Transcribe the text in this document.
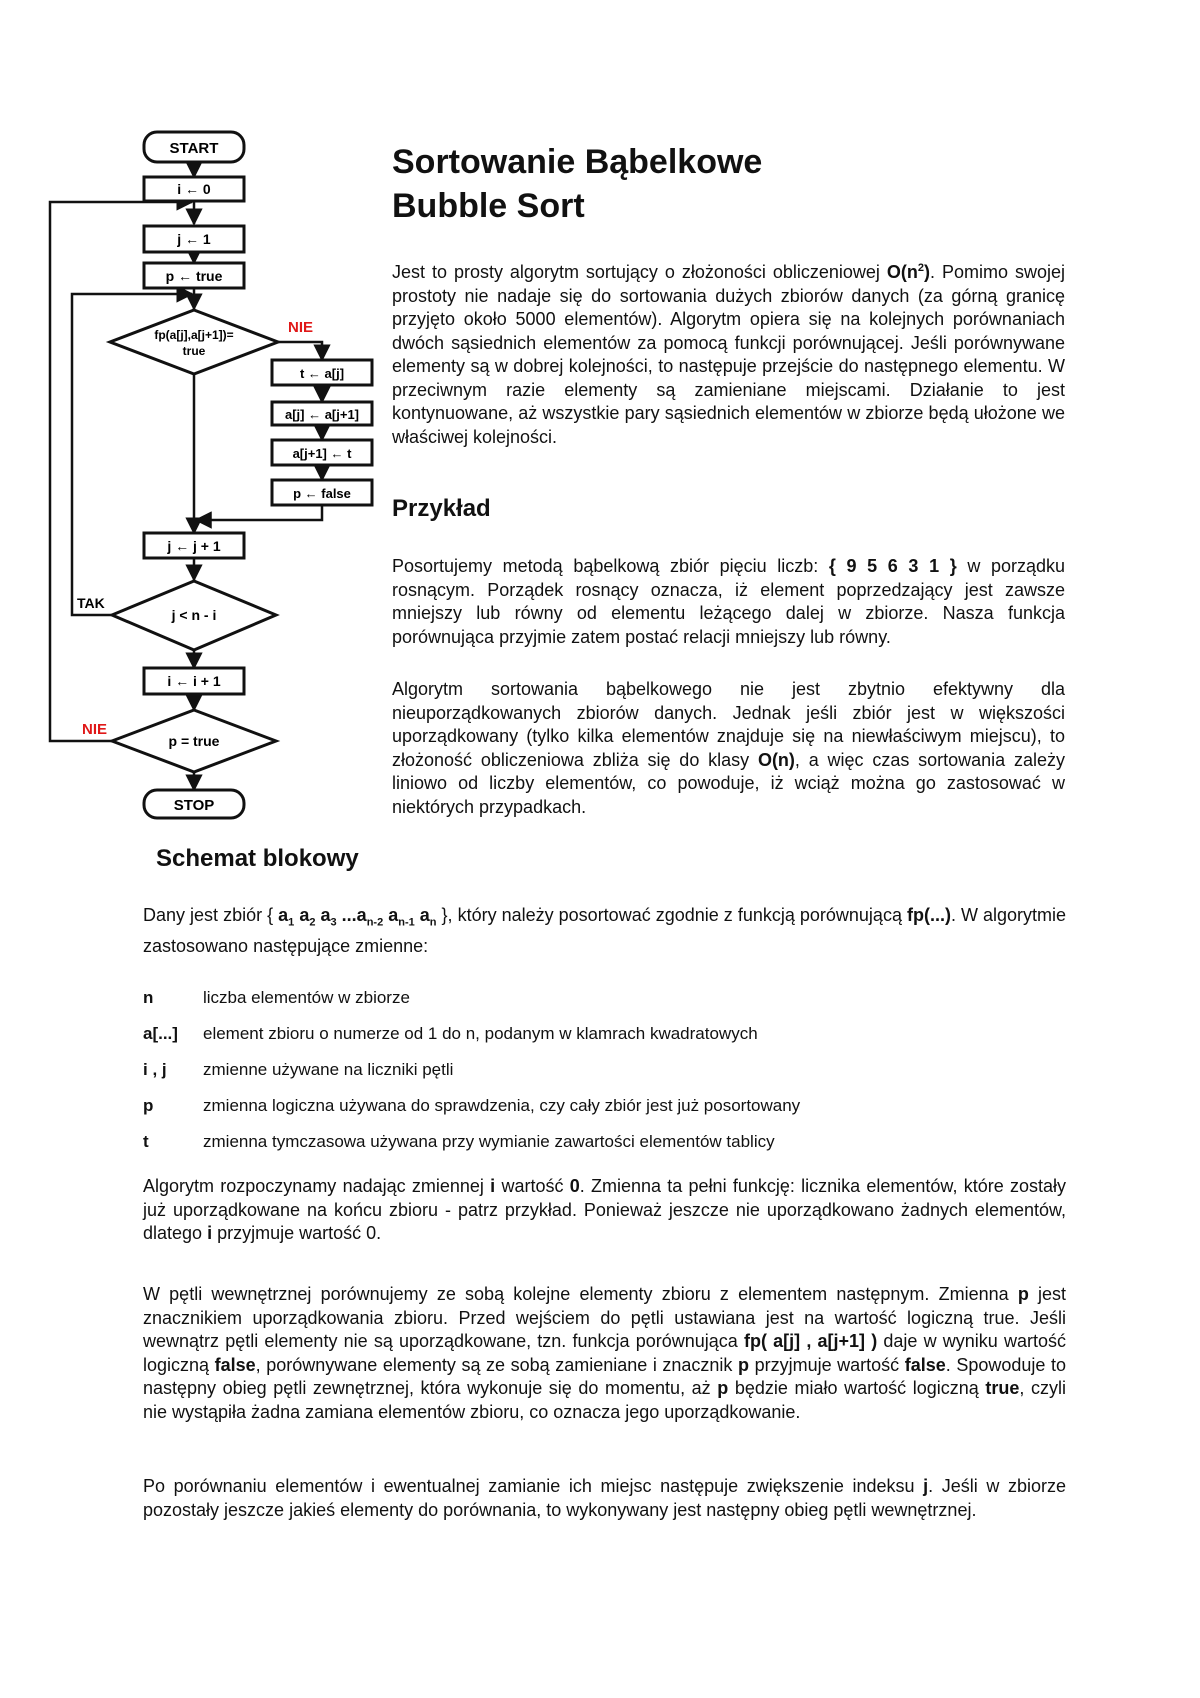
START
i ← 0
j ← 1
p ← true
fp(a[j],a[j+1])=
true
NIE
t ← a[j]
a[j] ← a[j+1]
a[j+1] ← t
p ← false
j ← j + 1
j < n - i
TAK
i ← i + 1
p = true
NIE
STOP
Sortowanie Bąbelkowe
Bubble Sort

Jest to prosty algorytm sortujący o złożoności obliczeniowej $O(n^2)$. Pomimo swojej prostoty nie nadaje się do sortowania dużych zbiorów danych (za górną granicę przyjęto około 5000 elementów). Algorytm opiera się na kolejnych porównaniach dwóch sąsiednich elementów za pomocą funkcji porównującej. Jeśli porównywane elementy są w dobrej kolejności, to następuje przejście do następnego elementu. W przeciwnym razie elementy są zamieniane miejscami. Działanie to jest kontynuowane, aż wszystkie pary sąsiednich elementów w zbiorze będą ułożone we właściwej kolejności.

Przykład

Posortujemy metodą bąbelkową zbiór pięciu liczb: { 9 5 6 3 1 } w porządku rosnącym. Porządek rosnący oznacza, iż element poprzedzający jest zawsze mniejszy lub równy od elementu leżącego dalej w zbiorze. Nasza funkcja porównująca przyjmie zatem postać relacji mniejszy lub równy.

Algorytm sortowania bąbelkowego nie jest zbytnio efektywny dla nieuporządkowanych zbiorów danych. Jednak jeśli zbiór jest w większości uporządkowany (tylko kilka elementów znajduje się na niewłaściwym miejscu), to złożoność obliczeniowa zbliża się do klasy O(n), a więc czas sortowania zależy liniowo od liczby elementów, co powoduje, iż wciąż można go zastosować w niektórych przypadkach.

Schemat blokowy

Dany jest zbiór { $a_1$ $a_2$ $a_3$ $...a_{n-2}$ $a_{n-1}$ $a_n$ }, który należy posortować zgodnie z funkcją porównującą fp(...). W algorytmie zastosowano następujące zmienne:

n	liczba elementów w zbiorze
a[...]	element zbioru o numerze od 1 do n, podanym w klamrach kwadratowych
i , j	zmienne używane na liczniki pętli
p	zmienna logiczna używana do sprawdzenia, czy cały zbiór jest już posortowany
t	zmienna tymczasowa używana przy wymianie zawartości elementów tablicy

Algorytm rozpoczynamy nadając zmiennej i wartość 0. Zmienna ta pełni funkcję: licznika elementów, które zostały już uporządkowane na końcu zbioru - patrz przykład. Ponieważ jeszcze nie uporządkowano żadnych elementów, dlatego i przyjmuje wartość 0.

W pętli wewnętrznej porównujemy ze sobą kolejne elementy zbioru z elementem następnym. Zmienna p jest znacznikiem uporządkowania zbioru. Przed wejściem do pętli ustawiana jest na wartość logiczną true. Jeśli wewnątrz pętli elementy nie są uporządkowane, tzn. funkcja porównująca fp( a[j] , a[j+1] ) daje w wyniku wartość logiczną false, porównywane elementy są ze sobą zamieniane i znacznik p przyjmuje wartość false. Spowoduje to następny obieg pętli zewnętrznej, która wykonuje się do momentu, aż p będzie miało wartość logiczną true, czyli nie wystąpiła żadna zamiana elementów zbioru, co oznacza jego uporządkowanie.

Po porównaniu elementów i ewentualnej zamianie ich miejsc następuje zwiększenie indeksu j. Jeśli w zbiorze pozostały jeszcze jakieś elementy do porównania, to wykonywany jest następny obieg pętli wewnętrznej.
